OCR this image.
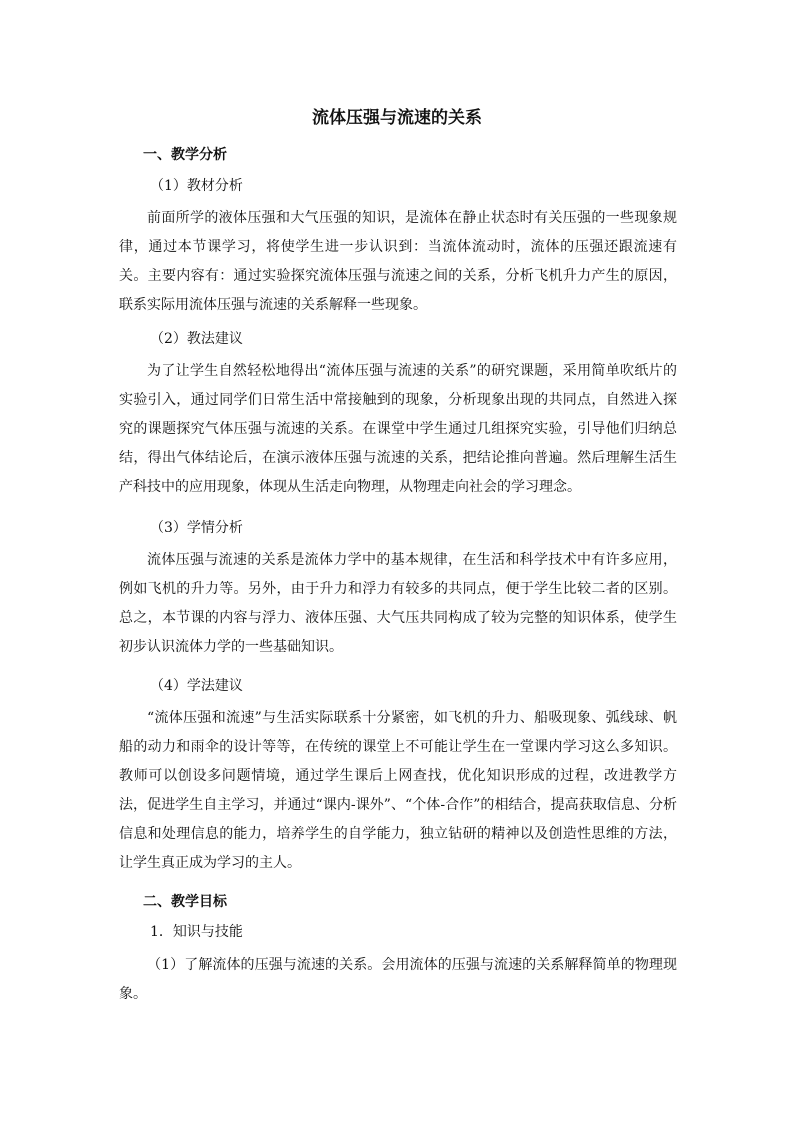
流体压强与流速的关系
一、教学分析
（1）教材分析

前面所学的液体压强和大气压强的知识，是流体在静止状态时有关压强的一些现象规律，通过本节课学习，将使学生进一步认识到：当流体流动时，流体的压强还跟流速有关。主要内容有：通过实验探究流体压强与流速之间的关系，分析飞机升力产生的原因，联系实际用流体压强与流速的关系解释一些现象。

（2）教法建议

为了让学生自然轻松地得出“流体压强与流速的关系”的研究课题，采用简单吹纸片的实验引入，通过同学们日常生活中常接触到的现象，分析现象出现的共同点，自然进入探究的课题探究气体压强与流速的关系。在课堂中学生通过几组探究实验，引导他们归纳总结，得出气体结论后，在演示液体压强与流速的关系，把结论推向普遍。然后理解生活生产科技中的应用现象，体现从生活走向物理，从物理走向社会的学习理念。

（3）学情分析

流体压强与流速的关系是流体力学中的基本规律，在生活和科学技术中有许多应用，例如飞机的升力等。另外，由于升力和浮力有较多的共同点，便于学生比较二者的区别。总之，本节课的内容与浮力、液体压强、大气压共同构成了较为完整的知识体系，使学生初步认识流体力学的一些基础知识。

（4）学法建议

“流体压强和流速”与生活实际联系十分紧密，如飞机的升力、船吸现象、弧线球、帆船的动力和雨伞的设计等等，在传统的课堂上不可能让学生在一堂课内学习这么多知识。教师可以创设多问题情境，通过学生课后上网查找，优化知识形成的过程，改进教学方法，促进学生自主学习，并通过“课内-课外”、“个体-合作”的相结合，提高获取信息、分析信息和处理信息的能力，培养学生的自学能力，独立钻研的精神以及创造性思维的方法，让学生真正成为学习的主人。

二、教学目标
1．知识与技能

（1）了解流体的压强与流速的关系。会用流体的压强与流速的关系解释简单的物理现象。
